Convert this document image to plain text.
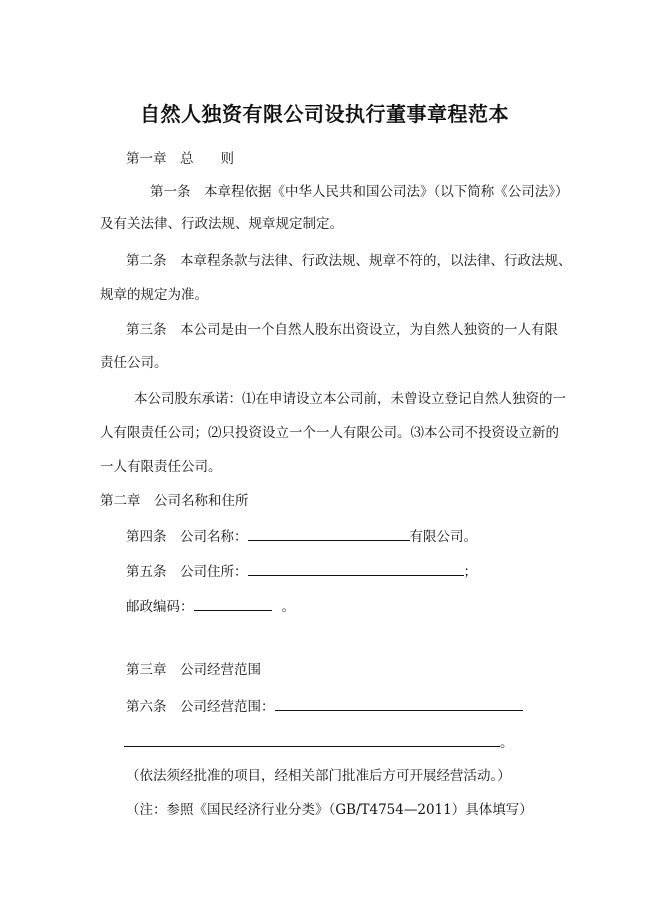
自然人独资有限公司设执行董事章程范本
第一章　总　　则
第一条　本章程依据《中华人民共和国公司法》（以下简称《公司法》）
及有关法律、行政法规、规章规定制定。
第二条　本章程条款与法律、行政法规、规章不符的，以法律、行政法规、
规章的规定为准。
第三条　本公司是由一个自然人股东出资设立，为自然人独资的一人有限
责任公司。
本公司股东承诺：⑴在申请设立本公司前，未曾设立登记自然人独资的一
人有限责任公司；⑵只投资设立一个一人有限公司。⑶本公司不投资设立新的
一人有限责任公司。
第二章　公司名称和住所
第四条　公司名称：	有限公司。
第五条　公司住所：	；
邮政编码：	。
第三章　公司经营范围
第六条　公司经营范围：
。
（依法须经批准的项目，经相关部门批准后方可开展经营活动。）
（注：参照《国民经济行业分类》（GB/T4754—2011）具体填写）
